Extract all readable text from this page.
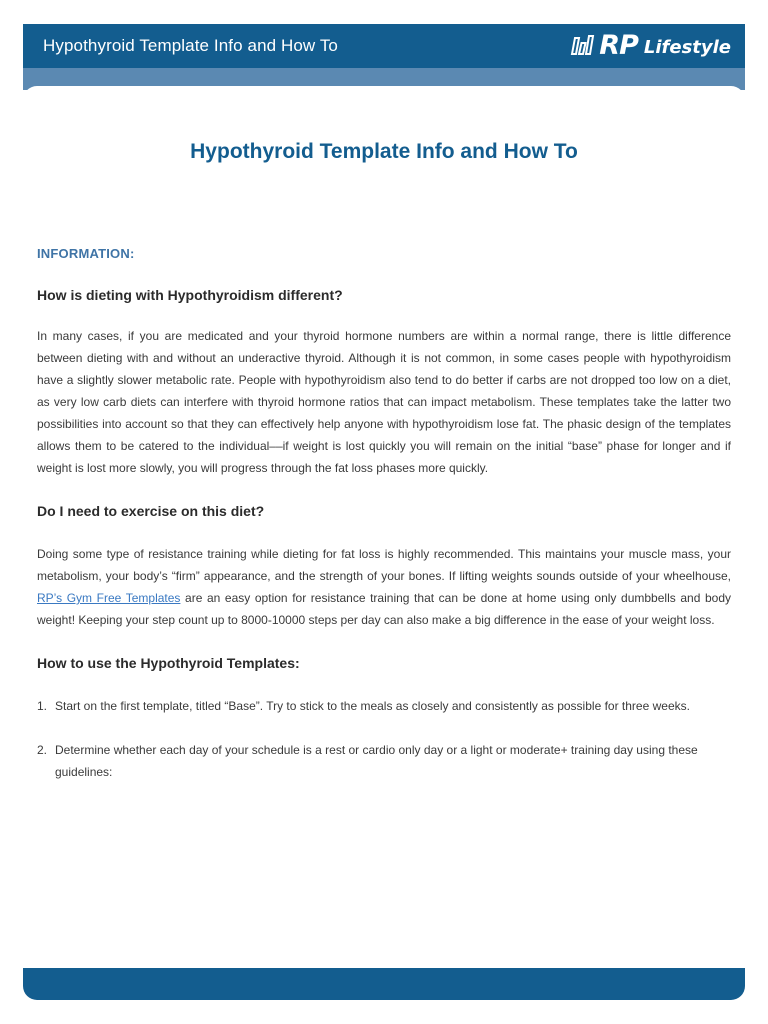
Hypothyroid Template Info and How To	RP Lifestyle
©RP Lifestyle 2023
Hypothyroid Template Info and How To
INFORMATION:
How is dieting with Hypothyroidism different?

In many cases, if you are medicated and your thyroid hormone numbers are within a normal range, there is little difference between dieting with and without an underactive thyroid. Although it is not common, in some cases people with hypothyroidism have a slightly slower metabolic rate. People with hypothyroidism also tend to do better if carbs are not dropped too low on a diet, as very low carb diets can interfere with thyroid hormone ratios that can impact metabolism. These templates take the latter two possibilities into account so that they can effectively help anyone with hypothyroidism lose fat. The phasic design of the templates allows them to be catered to the individual––if weight is lost quickly you will remain on the initial “base” phase for longer and if weight is lost more slowly, you will progress through the fat loss phases more quickly.

Do I need to exercise on this diet?

Doing some type of resistance training while dieting for fat loss is highly recommended. This maintains your muscle mass, your metabolism, your body’s “firm” appearance, and the strength of your bones. If lifting weights sounds outside of your wheelhouse, RP’s Gym Free Templates are an easy option for resistance training that can be done at home using only dumbbells and body weight! Keeping your step count up to 8000-10000 steps per day can also make a big difference in the ease of your weight loss.

How to use the Hypothyroid Templates:
1. Start on the first template, titled “Base”. Try to stick to the meals as closely and consistently as possible for three weeks.
2. Determine whether each day of your schedule is a rest or cardio only day or a light or moderate+ training day using these guidelines:
